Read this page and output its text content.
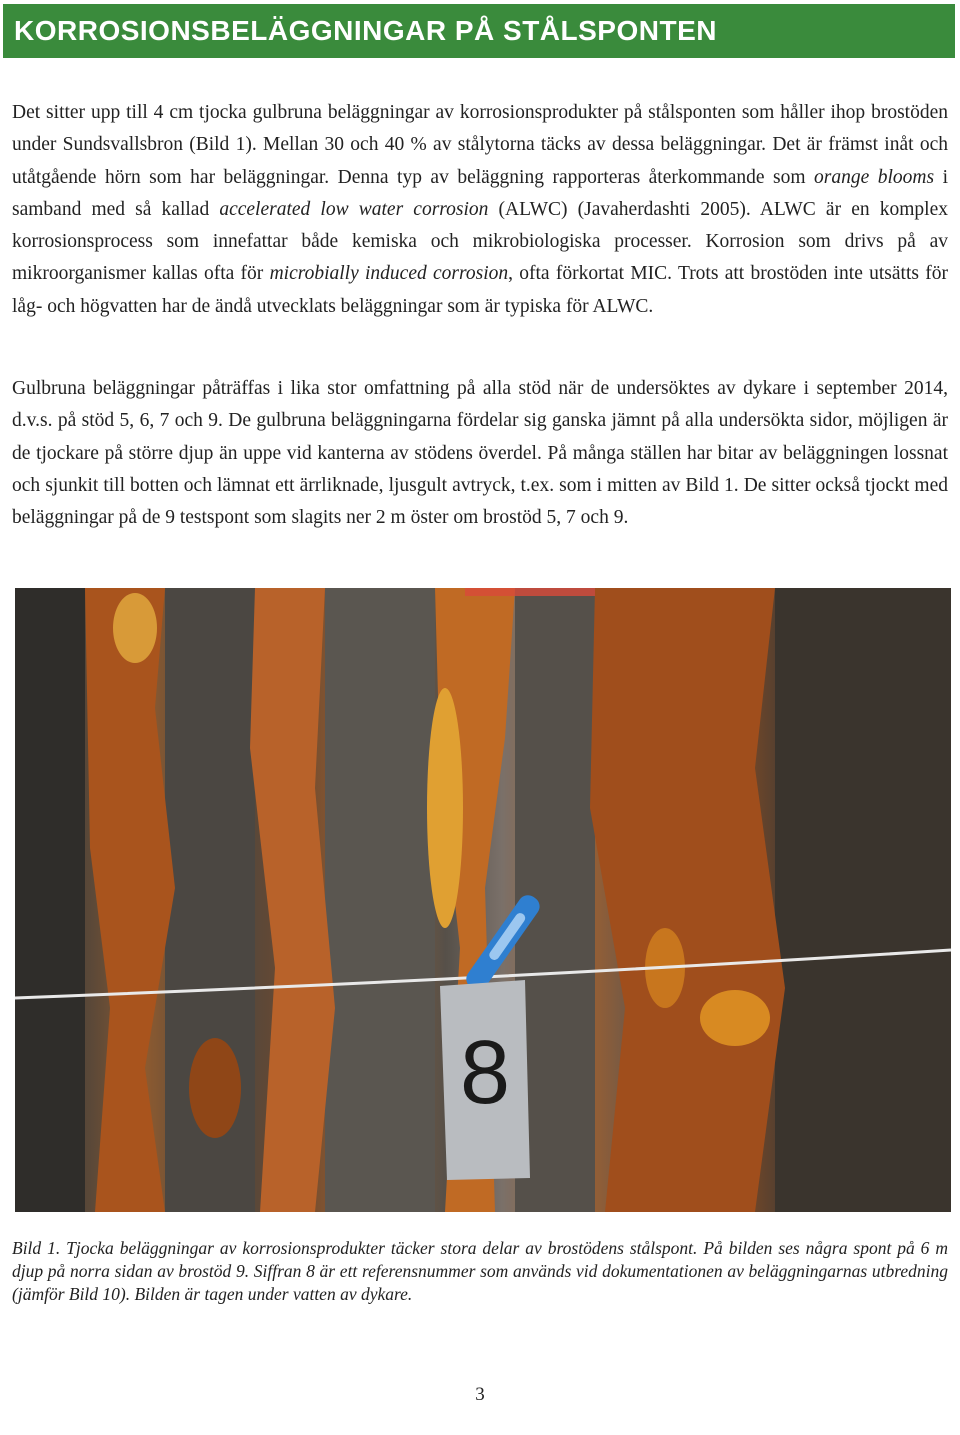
KORROSIONSBELÄGGNINGAR PÅ STÅLSPONTEN

Det sitter upp till 4 cm tjocka gulbruna beläggningar av korrosionsprodukter på stålsponten som håller ihop brostöden under Sundsvallsbron (Bild 1). Mellan 30 och 40 % av stålytorna täcks av dessa beläggningar. Det är främst inåt och utåtgående hörn som har beläggningar. Denna typ av beläggning rapporteras återkommande som orange blooms i samband med så kallad accelerated low water corrosion (ALWC) (Javaherdashti 2005). ALWC är en komplex korrosionsprocess som innefattar både kemiska och mikrobiologiska processer. Korrosion som drivs på av mikroorganismer kallas ofta för microbially induced corrosion, ofta förkortat MIC. Trots att brostöden inte utsätts för låg- och högvatten har de ändå utvecklats beläggningar som är typiska för ALWC.

Gulbruna beläggningar påträffas i lika stor omfattning på alla stöd när de undersöktes av dykare i september 2014, d.v.s. på stöd 5, 6, 7 och 9. De gulbruna beläggningarna fördelar sig ganska jämnt på alla undersökta sidor, möjligen är de tjockare på större djup än uppe vid kanterna av stödens överdel. På många ställen har bitar av beläggningen lossnat och sjunkit till botten och lämnat ett ärrliknade, ljusgult avtryck, t.ex. som i mitten av Bild 1. De sitter också tjockt med beläggningar på de 9 testspont som slagits ner 2 m öster om brostöd 5, 7 och 9.

8

Bild 1. Tjocka beläggningar av korrosionsprodukter täcker stora delar av brostödens stålspont. På bilden ses några spont på 6 m djup på norra sidan av brostöd 9. Siffran 8 är ett referensnummer som används vid dokumentationen av beläggningarnas utbredning (jämför Bild 10). Bilden är tagen under vatten av dykare.

3
